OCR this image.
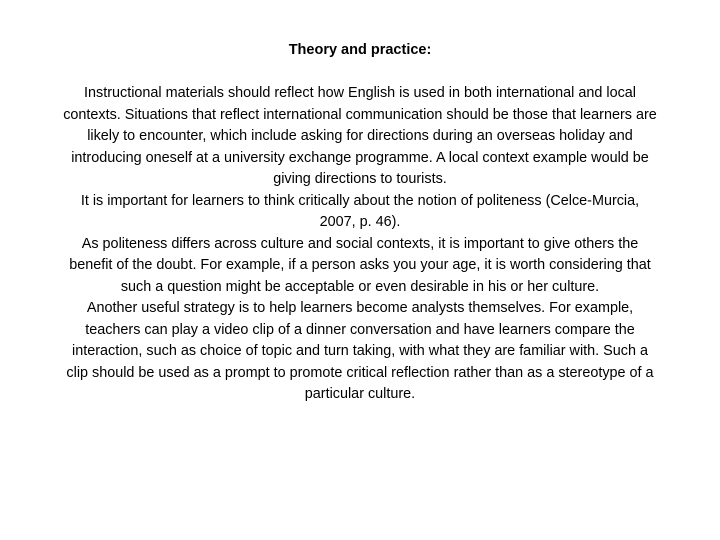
Theory and practice:

Instructional materials should reflect how English is used in both international and local contexts. Situations that reflect international communication should be those that learners are likely to encounter, which include asking for directions during an overseas holiday and introducing oneself at a university exchange programme. A local context example would be giving directions to tourists.

It is important for learners to think critically about the notion of politeness (Celce-Murcia, 2007, p. 46).

As politeness differs across culture and social contexts, it is important to give others the benefit of the doubt. For example, if a person asks you your age, it is worth considering that such a question might be acceptable or even desirable in his or her culture.

Another useful strategy is to help learners become analysts themselves. For example, teachers can play a video clip of a dinner conversation and have learners compare the interaction, such as choice of topic and turn taking, with what they are familiar with. Such a clip should be used as a prompt to promote critical reflection rather than as a stereotype of a particular culture.
